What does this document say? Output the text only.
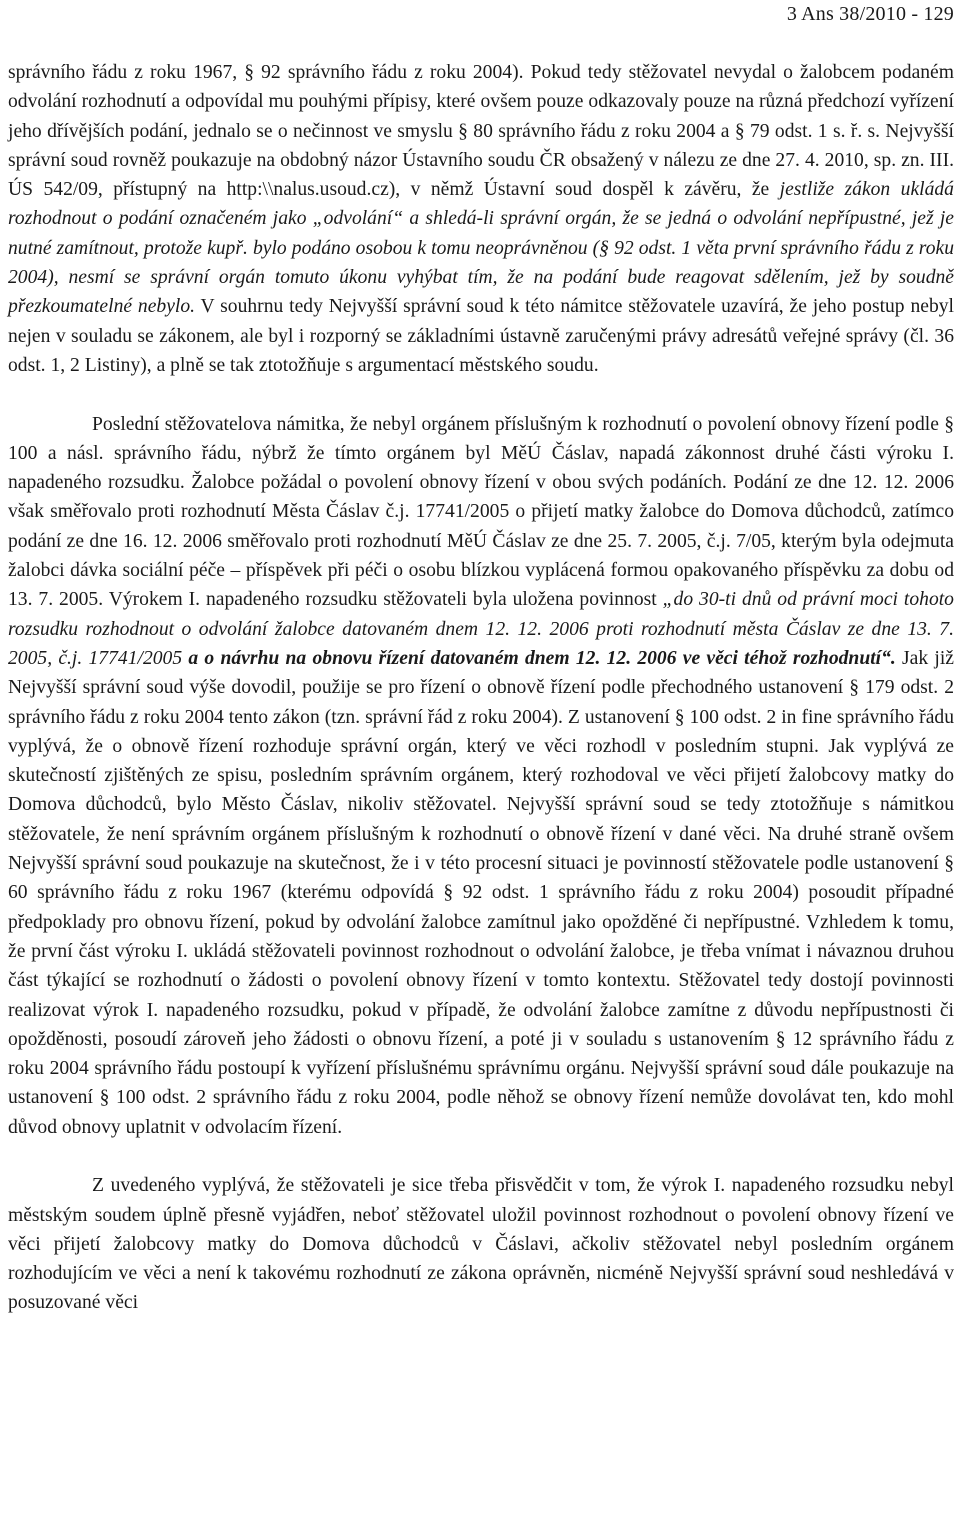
3 Ans 38/2010 - 129

správního řádu z roku 1967, § 92 správního řádu z roku 2004). Pokud tedy stěžovatel nevydal o žalobcem podaném odvolání rozhodnutí a odpovídal mu pouhými přípisy, které ovšem pouze odkazovaly pouze na různá předchozí vyřízení jeho dřívějších podání, jednalo se o nečinnost ve smyslu § 80 správního řádu z roku 2004 a § 79 odst. 1 s. ř. s. Nejvyšší správní soud rovněž poukazuje na obdobný názor Ústavního soudu ČR obsažený v nálezu ze dne 27. 4. 2010, sp. zn. III. ÚS 542/09, přístupný na http:\\nalus.usoud.cz), v němž Ústavní soud dospěl k závěru, že jestliže zákon ukládá rozhodnout o podání označeném jako „odvolání“ a shledá-li správní orgán, že se jedná o odvolání nepřípustné, jež je nutné zamítnout, protože kupř. bylo podáno osobou k tomu neoprávněnou (§ 92 odst. 1 věta první správního řádu z roku 2004), nesmí se správní orgán tomuto úkonu vyhýbat tím, že na podání bude reagovat sdělením, jež by soudně přezkoumatelné nebylo. V souhrnu tedy Nejvyšší správní soud k této námitce stěžovatele uzavírá, že jeho postup nebyl nejen v souladu se zákonem, ale byl i rozporný se základními ústavně zaručenými právy adresátů veřejné správy (čl. 36 odst. 1, 2 Listiny), a plně se tak ztotožňuje s argumentací městského soudu.

Poslední stěžovatelova námitka, že nebyl orgánem příslušným k rozhodnutí o povolení obnovy řízení podle § 100 a násl. správního řádu, nýbrž že tímto orgánem byl MěÚ Čáslav, napadá zákonnost druhé části výroku I. napadeného rozsudku. Žalobce požádal o povolení obnovy řízení v obou svých podáních. Podání ze dne 12. 12. 2006 však směřovalo proti rozhodnutí Města Čáslav č.j. 17741/2005 o přijetí matky žalobce do Domova důchodců, zatímco podání ze dne 16. 12. 2006 směřovalo proti rozhodnutí MěÚ Čáslav ze dne 25. 7. 2005, č.j. 7/05, kterým byla odejmuta žalobci dávka sociální péče – příspěvek při péči o osobu blízkou vyplácená formou opakovaného příspěvku za dobu od 13. 7. 2005. Výrokem I. napadeného rozsudku stěžovateli byla uložena povinnost „do 30-ti dnů od právní moci tohoto rozsudku rozhodnout o odvolání žalobce datovaném dnem 12. 12. 2006 proti rozhodnutí města Čáslav ze dne 13. 7. 2005, č.j. 17741/2005 a o návrhu na obnovu řízení datovaném dnem 12. 12. 2006 ve věci téhož rozhodnutí“. Jak již Nejvyšší správní soud výše dovodil, použije se pro řízení o obnově řízení podle přechodného ustanovení § 179 odst. 2 správního řádu z roku 2004 tento zákon (tzn. správní řád z roku 2004). Z ustanovení § 100 odst. 2 in fine správního řádu vyplývá, že o obnově řízení rozhoduje správní orgán, který ve věci rozhodl v posledním stupni. Jak vyplývá ze skutečností zjištěných ze spisu, posledním správním orgánem, který rozhodoval ve věci přijetí žalobcovy matky do Domova důchodců, bylo Město Čáslav, nikoliv stěžovatel. Nejvyšší správní soud se tedy ztotožňuje s námitkou stěžovatele, že není správním orgánem příslušným k rozhodnutí o obnově řízení v dané věci. Na druhé straně ovšem Nejvyšší správní soud poukazuje na skutečnost, že i v této procesní situaci je povinností stěžovatele podle ustanovení § 60 správního řádu z roku 1967 (kterému odpovídá § 92 odst. 1 správního řádu z roku 2004) posoudit případné předpoklady pro obnovu řízení, pokud by odvolání žalobce zamítnul jako opožděné či nepřípustné. Vzhledem k tomu, že první část výroku I. ukládá stěžovateli povinnost rozhodnout o odvolání žalobce, je třeba vnímat i návaznou druhou část týkající se rozhodnutí o žádosti o povolení obnovy řízení v tomto kontextu. Stěžovatel tedy dostojí povinnosti realizovat výrok I. napadeného rozsudku, pokud v případě, že odvolání žalobce zamítne z důvodu nepřípustnosti či opožděnosti, posoudí zároveň jeho žádosti o obnovu řízení, a poté ji v souladu s ustanovením § 12 správního řádu z roku 2004 správního řádu postoupí k vyřízení příslušnému správnímu orgánu. Nejvyšší správní soud dále poukazuje na ustanovení § 100 odst. 2 správního řádu z roku 2004, podle něhož se obnovy řízení nemůže dovolávat ten, kdo mohl důvod obnovy uplatnit v odvolacím řízení.

Z uvedeného vyplývá, že stěžovateli je sice třeba přisvědčit v tom, že výrok I. napadeného rozsudku nebyl městským soudem úplně přesně vyjádřen, neboť stěžovatel uložil povinnost rozhodnout o povolení obnovy řízení ve věci přijetí žalobcovy matky do Domova důchodců v Čáslavi, ačkoliv stěžovatel nebyl posledním orgánem rozhodujícím ve věci a není k takovému rozhodnutí ze zákona oprávněn, nicméně Nejvyšší správní soud neshledává v posuzované věci
